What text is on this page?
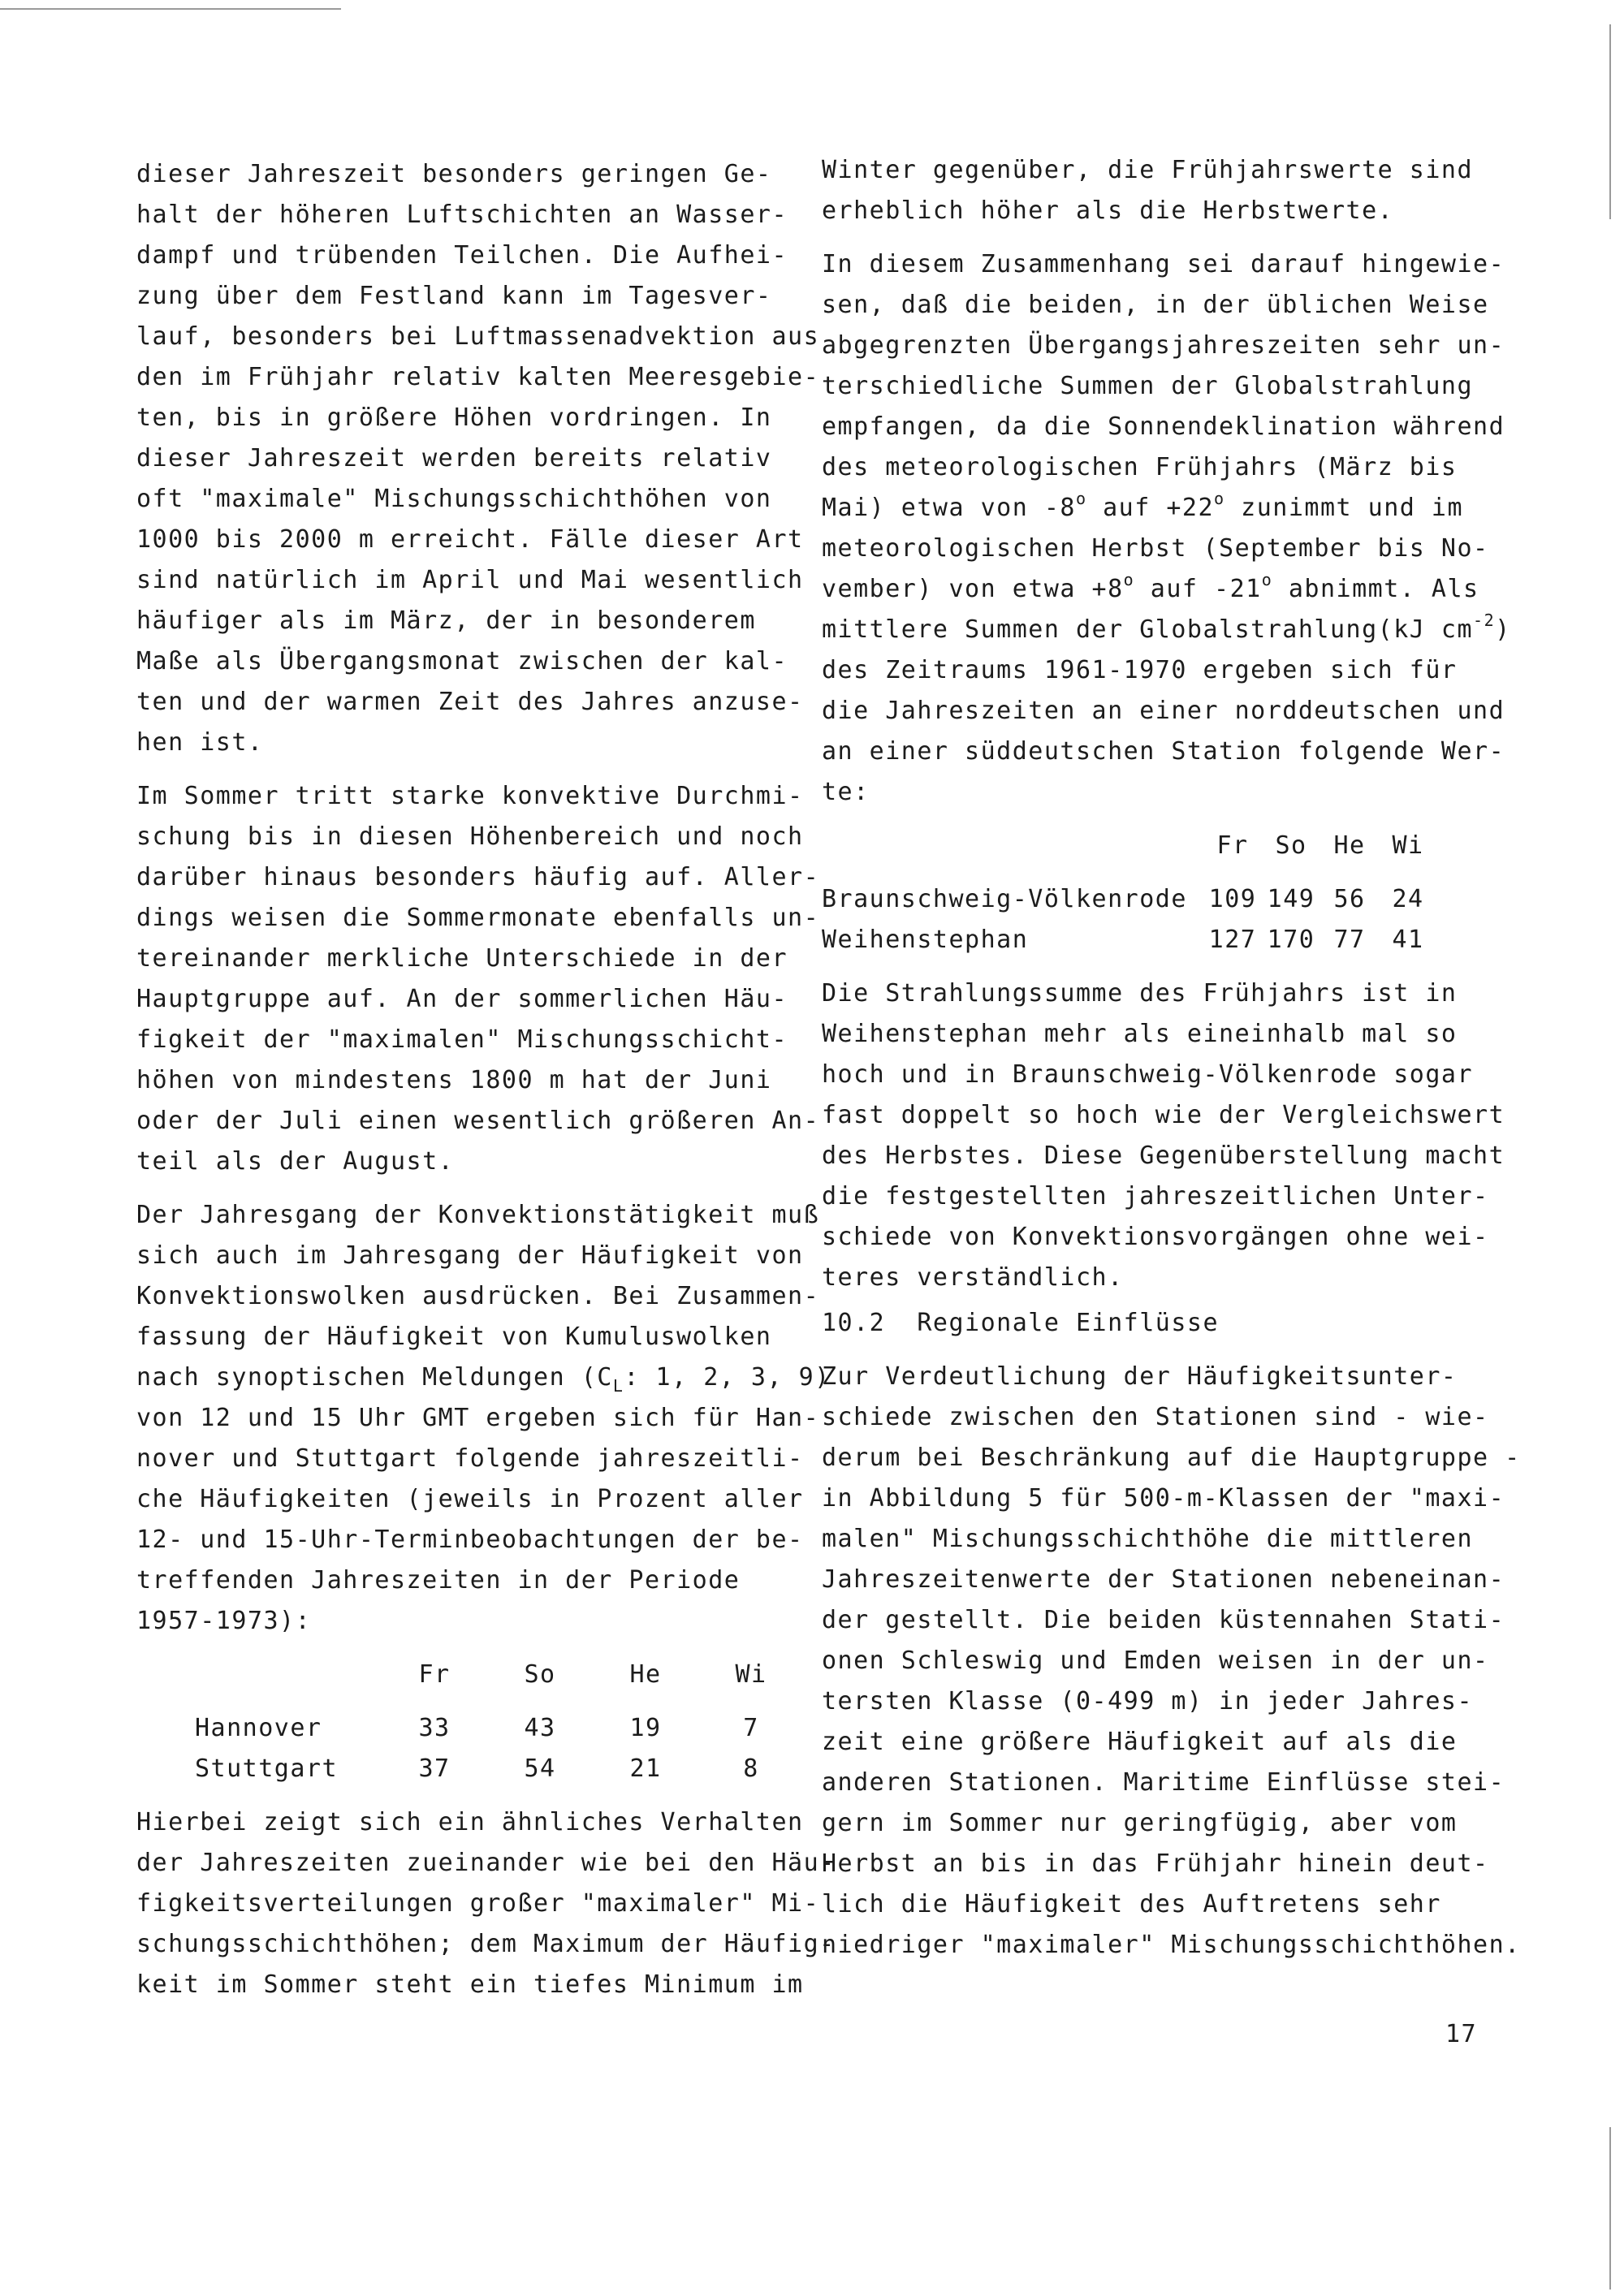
dieser Jahreszeit besonders geringen Ge-
halt der höheren Luftschichten an Wasser-
dampf und trübenden Teilchen. Die Aufhei-
zung über dem Festland kann im Tagesver-
lauf, besonders bei Luftmassenadvektion aus
den im Frühjahr relativ kalten Meeresgebie-
ten, bis in größere Höhen vordringen. In
dieser Jahreszeit werden bereits relativ
oft "maximale" Mischungsschichthöhen von
1000 bis 2000 m erreicht. Fälle dieser Art
sind natürlich im April und Mai wesentlich
häufiger als im März, der in besonderem
Maße als Übergangsmonat zwischen der kal-
ten und der warmen Zeit des Jahres anzuse-
hen ist.
Im Sommer tritt starke konvektive Durchmi-
schung bis in diesen Höhenbereich und noch
darüber hinaus besonders häufig auf. Aller-
dings weisen die Sommermonate ebenfalls un-
tereinander merkliche Unterschiede in der
Hauptgruppe auf. An der sommerlichen Häu-
figkeit der "maximalen" Mischungsschicht-
höhen von mindestens 1800 m hat der Juni
oder der Juli einen wesentlich größeren An-
teil als der August.
Der Jahresgang der Konvektionstätigkeit muß
sich auch im Jahresgang der Häufigkeit von
Konvektionswolken ausdrücken. Bei Zusammen-
fassung der Häufigkeit von Kumuluswolken
nach synoptischen Meldungen ($C_L$: 1, 2, 3, 9)
von 12 und 15 Uhr GMT ergeben sich für Han-
nover und Stuttgart folgende jahreszeitli-
che Häufigkeiten (jeweils in Prozent aller
12- und 15-Uhr-Terminbeobachtungen der be-
treffenden Jahreszeiten in der Periode
1957-1973):
	Fr	So	He	Wi

Hannover	33	43	19	7
Stuttgart	37	54	21	8
Hierbei zeigt sich ein ähnliches Verhalten
der Jahreszeiten zueinander wie bei den Häu-
figkeitsverteilungen großer "maximaler" Mi-
schungsschichthöhen; dem Maximum der Häufig-
keit im Sommer steht ein tiefes Minimum im
Winter gegenüber, die Frühjahrswerte sind
erheblich höher als die Herbstwerte.
In diesem Zusammenhang sei darauf hingewie-
sen, daß die beiden, in der üblichen Weise
abgegrenzten Übergangsjahreszeiten sehr un-
terschiedliche Summen der Globalstrahlung
empfangen, da die Sonnendeklination während
des meteorologischen Frühjahrs (März bis
Mai) etwa von -8$^o$ auf $+22^o$ zunimmt und im
meteorologischen Herbst (September bis No-
vember) von etwa $+8^o$ auf -21$^o$ abnimmt. Als
mittlere Summen der Globalstrahlung(kJ $cm^{-2}$)
des Zeitraums 1961-1970 ergeben sich für
die Jahreszeiten an einer norddeutschen und
an einer süddeutschen Station folgende Wer-
te:
	Fr	So	He	Wi

Braunschweig-Völkenrode	109	149	56	24
Weihenstephan	127	170	77	41
Die Strahlungssumme des Frühjahrs ist in
Weihenstephan mehr als eineinhalb mal so
hoch und in Braunschweig-Völkenrode sogar
fast doppelt so hoch wie der Vergleichswert
des Herbstes. Diese Gegenüberstellung macht
die festgestellten jahreszeitlichen Unter-
schiede von Konvektionsvorgängen ohne wei-
teres verständlich.
10.2  Regionale Einflüsse
Zur Verdeutlichung der Häufigkeitsunter-
schiede zwischen den Stationen sind - wie-
derum bei Beschränkung auf die Hauptgruppe -
in Abbildung 5 für 500-m-Klassen der "maxi-
malen" Mischungsschichthöhe die mittleren
Jahreszeitenwerte der Stationen nebeneinan-
der gestellt. Die beiden küstennahen Stati-
onen Schleswig und Emden weisen in der un-
tersten Klasse (0-499 m) in jeder Jahres-
zeit eine größere Häufigkeit auf als die
anderen Stationen. Maritime Einflüsse stei-
gern im Sommer nur geringfügig, aber vom
Herbst an bis in das Frühjahr hinein deut-
lich die Häufigkeit des Auftretens sehr
niedriger "maximaler" Mischungsschichthöhen.
17
